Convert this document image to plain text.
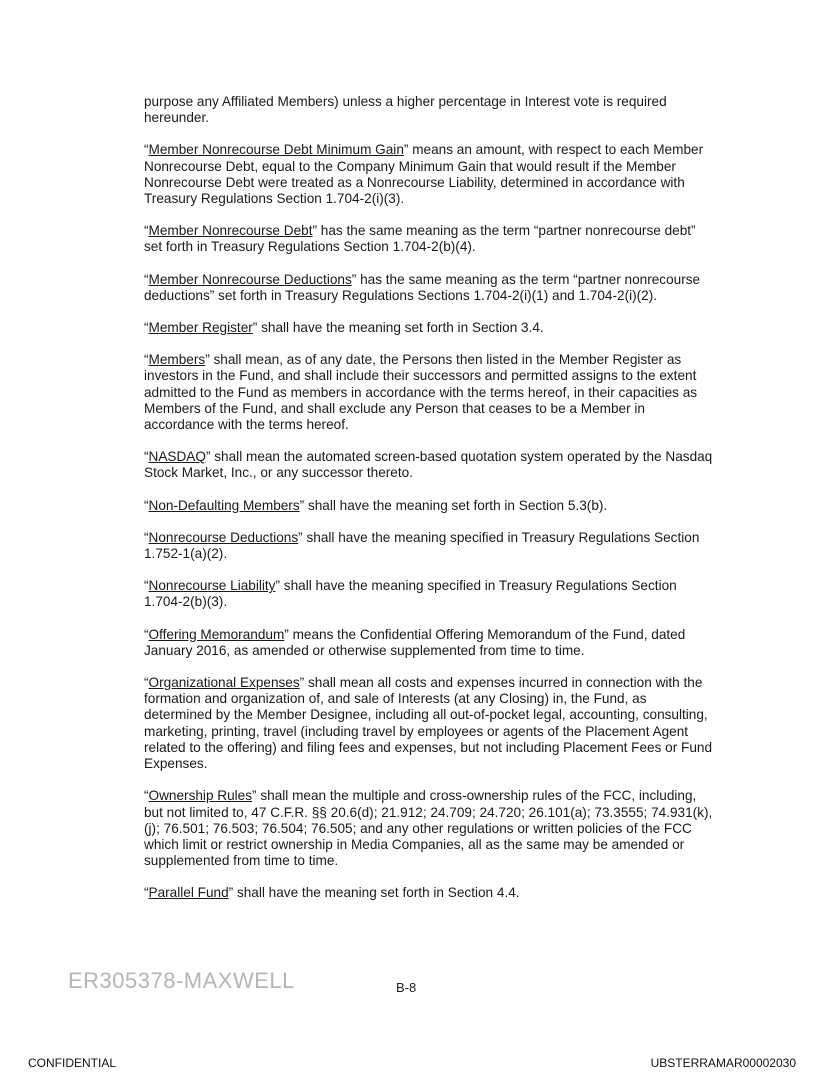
purpose any Affiliated Members) unless a higher percentage in Interest vote is required hereunder.

“Member Nonrecourse Debt Minimum Gain” means an amount, with respect to each Member Nonrecourse Debt, equal to the Company Minimum Gain that would result if the Member Nonrecourse Debt were treated as a Nonrecourse Liability, determined in accordance with Treasury Regulations Section 1.704-2(i)(3).

“Member Nonrecourse Debt” has the same meaning as the term “partner nonrecourse debt” set forth in Treasury Regulations Section 1.704-2(b)(4).

“Member Nonrecourse Deductions” has the same meaning as the term “partner nonrecourse deductions” set forth in Treasury Regulations Sections 1.704-2(i)(1) and 1.704-2(i)(2).

“Member Register” shall have the meaning set forth in Section 3.4.

“Members” shall mean, as of any date, the Persons then listed in the Member Register as investors in the Fund, and shall include their successors and permitted assigns to the extent admitted to the Fund as members in accordance with the terms hereof, in their capacities as Members of the Fund, and shall exclude any Person that ceases to be a Member in accordance with the terms hereof.

“NASDAQ” shall mean the automated screen-based quotation system operated by the Nasdaq Stock Market, Inc., or any successor thereto.

“Non-Defaulting Members” shall have the meaning set forth in Section 5.3(b).

“Nonrecourse Deductions” shall have the meaning specified in Treasury Regulations Section 1.752-1(a)(2).

“Nonrecourse Liability” shall have the meaning specified in Treasury Regulations Section 1.704-2(b)(3).

“Offering Memorandum” means the Confidential Offering Memorandum of the Fund, dated January 2016, as amended or otherwise supplemented from time to time.

“Organizational Expenses” shall mean all costs and expenses incurred in connection with the formation and organization of, and sale of Interests (at any Closing) in, the Fund, as determined by the Member Designee, including all out-of-pocket legal, accounting, consulting, marketing, printing, travel (including travel by employees or agents of the Placement Agent related to the offering) and filing fees and expenses, but not including Placement Fees or Fund Expenses.

“Ownership Rules” shall mean the multiple and cross-ownership rules of the FCC, including, but not limited to, 47 C.F.R. §§ 20.6(d); 21.912; 24.709; 24.720; 26.101(a); 73.3555; 74.931(k), (j); 76.501; 76.503; 76.504; 76.505; and any other regulations or written policies of the FCC which limit or restrict ownership in Media Companies, all as the same may be amended or supplemented from time to time.

“Parallel Fund” shall have the meaning set forth in Section 4.4.

ER305378-MAXWELL	B-8
CONFIDENTIAL	UBSTERRAMAR00002030
